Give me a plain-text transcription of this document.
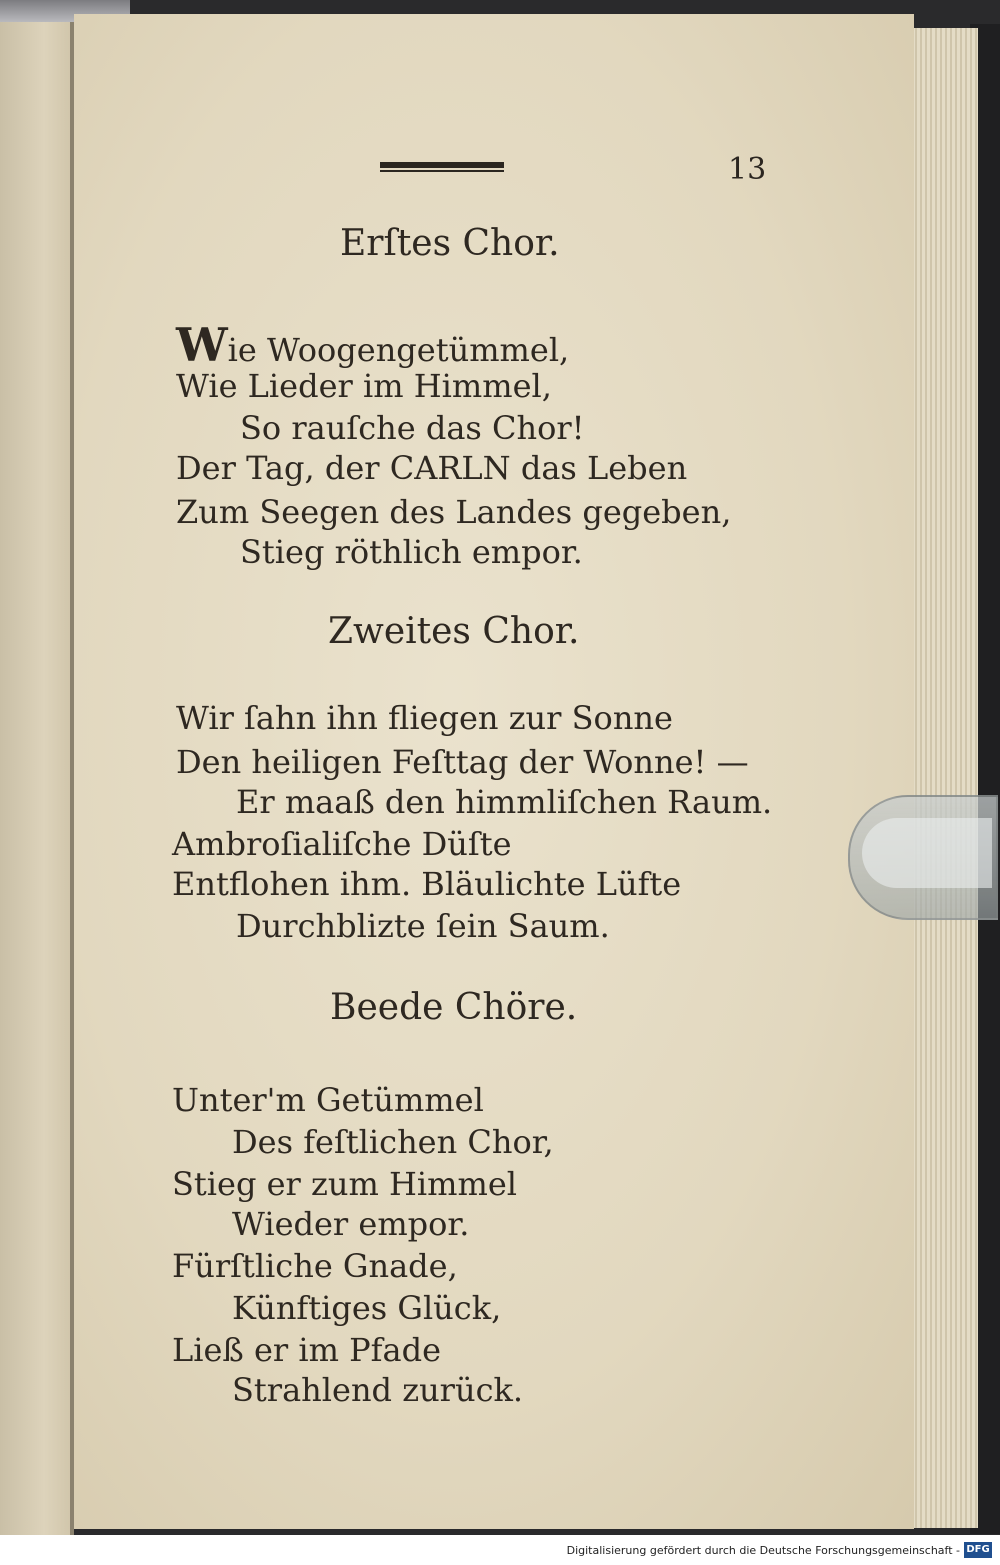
13
Erſtes Chor.
Wie Woogengetümmel,
Wie Lieder im Himmel,
So rauſche das Chor!
Der Tag, der CARLN das Leben
Zum Seegen des Landes gegeben,
Stieg röthlich empor.
Zweites Chor.
Wir ſahn ihn fliegen zur Sonne
Den heiligen Feſttag der Wonne! —
Er maaß den himmliſchen Raum.
Ambroſialiſche Düſte
Entflohen ihm. Bläulichte Lüfte
Durchblizte ſein Saum.
Beede Chöre.
Unter'm Getümmel
Des feſtlichen Chor,
Stieg er zum Himmel
Wieder empor.
Fürſtliche Gnade,
Künftiges Glück,
Ließ er im Pfade
Strahlend zurück.
Digitalisierung gefördert durch die Deutsche Forschungsgemeinschaft - DFG
